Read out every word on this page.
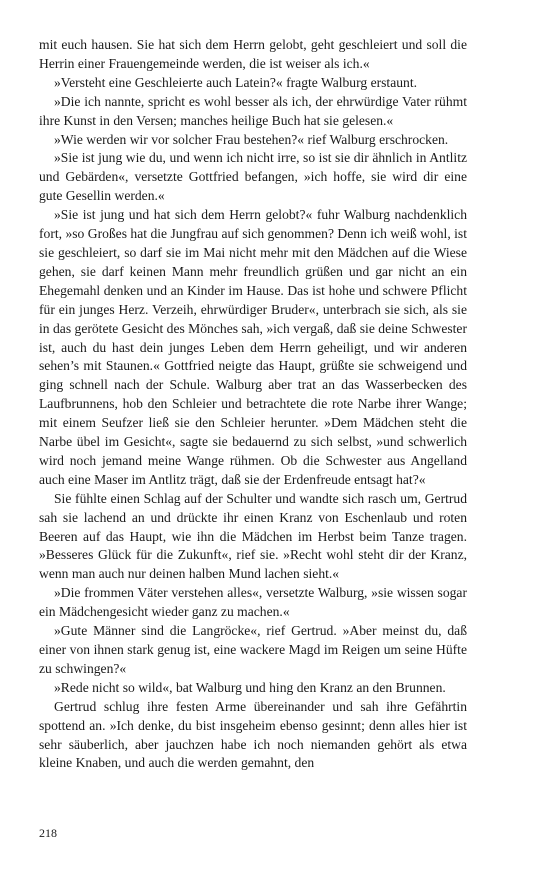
mit euch hausen. Sie hat sich dem Herrn gelobt, geht geschleiert und soll die Herrin einer Frauengemeinde werden, die ist weiser als ich.«

»Versteht eine Geschleierte auch Latein?« fragte Walburg erstaunt.

»Die ich nannte, spricht es wohl besser als ich, der ehrwürdige Vater rühmt ihre Kunst in den Versen; manches heilige Buch hat sie gelesen.«

»Wie werden wir vor solcher Frau bestehen?« rief Walburg erschrocken.

»Sie ist jung wie du, und wenn ich nicht irre, so ist sie dir ähnlich in Antlitz und Gebärden«, versetzte Gottfried befangen, »ich hoffe, sie wird dir eine gute Gesellin werden.«

»Sie ist jung und hat sich dem Herrn gelobt?« fuhr Walburg nachdenklich fort, »so Großes hat die Jungfrau auf sich genommen? Denn ich weiß wohl, ist sie geschleiert, so darf sie im Mai nicht mehr mit den Mädchen auf die Wiese gehen, sie darf keinen Mann mehr freundlich grüßen und gar nicht an ein Ehegemahl denken und an Kinder im Hause. Das ist hohe und schwere Pflicht für ein junges Herz. Verzeih, ehrwürdiger Bruder«, unterbrach sie sich, als sie in das gerötete Gesicht des Mönches sah, »ich vergaß, daß sie deine Schwester ist, auch du hast dein junges Leben dem Herrn geheiligt, und wir anderen sehen’s mit Staunen.« Gottfried neigte das Haupt, grüßte sie schweigend und ging schnell nach der Schule. Walburg aber trat an das Wasserbecken des Laufbrunnens, hob den Schleier und betrachtete die rote Narbe ihrer Wange; mit einem Seufzer ließ sie den Schleier herunter. »Dem Mädchen steht die Narbe übel im Gesicht«, sagte sie bedauernd zu sich selbst, »und schwerlich wird noch jemand meine Wange rühmen. Ob die Schwester aus Angelland auch eine Maser im Antlitz trägt, daß sie der Erdenfreude entsagt hat?«

Sie fühlte einen Schlag auf der Schulter und wandte sich rasch um, Gertrud sah sie lachend an und drückte ihr einen Kranz von Eschenlaub und roten Beeren auf das Haupt, wie ihn die Mädchen im Herbst beim Tanze tragen. »Besseres Glück für die Zukunft«, rief sie. »Recht wohl steht dir der Kranz, wenn man auch nur deinen halben Mund lachen sieht.«

»Die frommen Väter verstehen alles«, versetzte Walburg, »sie wissen sogar ein Mädchengesicht wieder ganz zu machen.«

»Gute Männer sind die Langröcke«, rief Gertrud. »Aber meinst du, daß einer von ihnen stark genug ist, eine wackere Magd im Reigen um seine Hüfte zu schwingen?«

»Rede nicht so wild«, bat Walburg und hing den Kranz an den Brunnen.

Gertrud schlug ihre festen Arme übereinander und sah ihre Gefährtin spottend an. »Ich denke, du bist insgeheim ebenso gesinnt; denn alles hier ist sehr säuberlich, aber jauchzen habe ich noch niemanden gehört als etwa kleine Knaben, und auch die werden gemahnt, den

218
